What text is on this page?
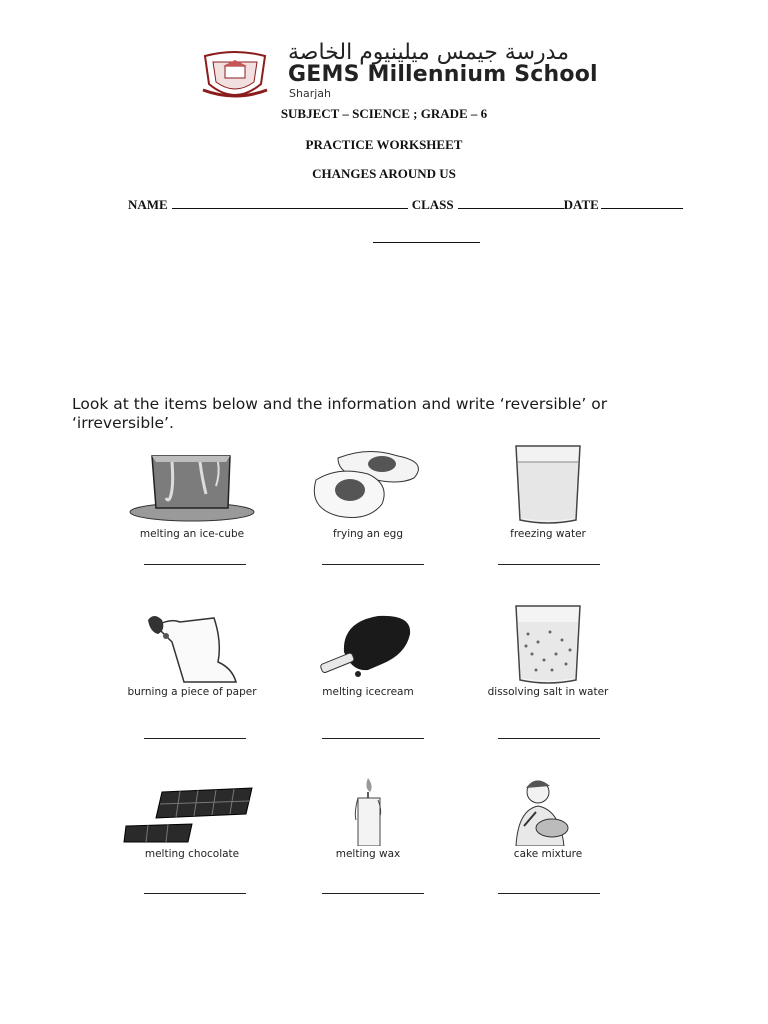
مدرسة جيمس ميلينيوم الخاصة
GEMS Millennium School
Sharjah
SUBJECT – SCIENCE ; GRADE – 6
PRACTICE WORKSHEET
CHANGES AROUND US
NAME	CLASS	DATE
Look at the items below and the information and write ‘reversible’ or ‘irreversible’.
melting an ice-cube	frying an egg	freezing water
burning a piece of paper	melting icecream	dissolving salt in water
melting chocolate	melting wax	cake mixture
